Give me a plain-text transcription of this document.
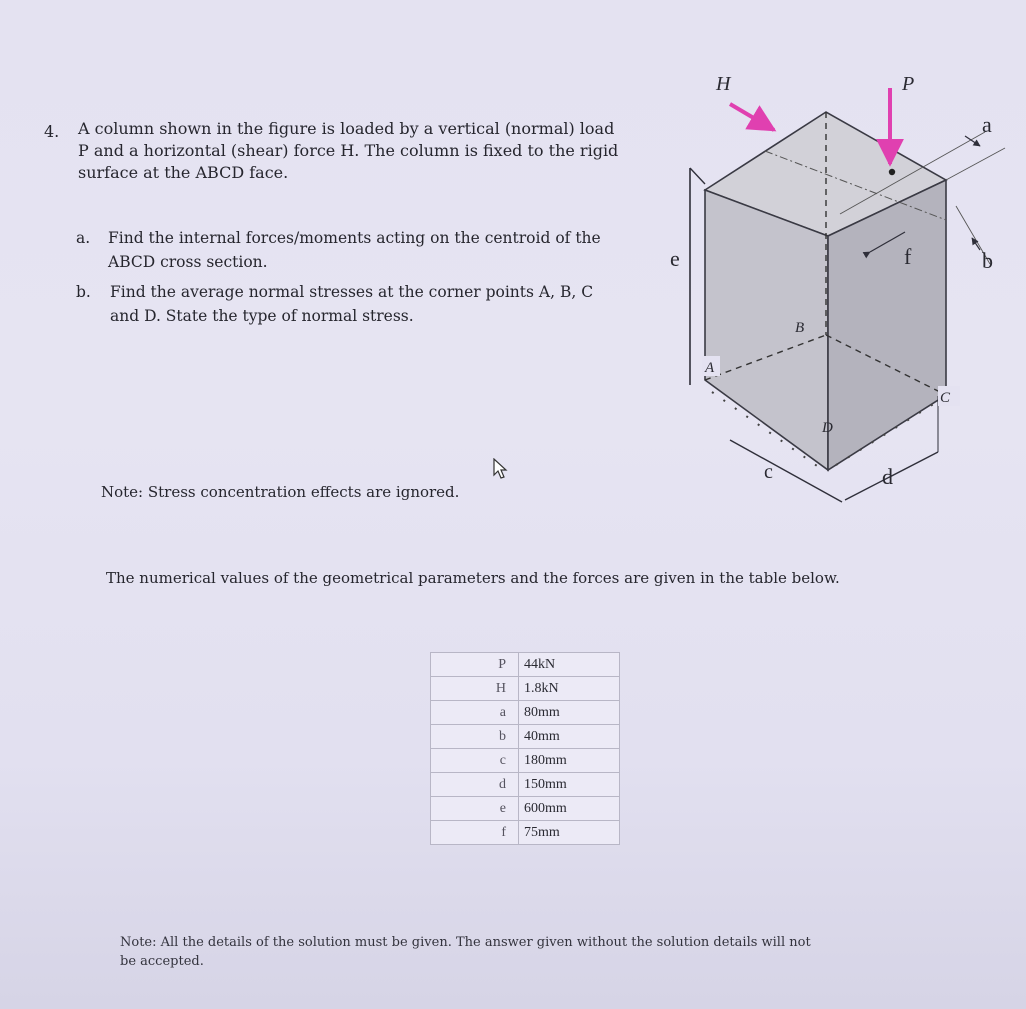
4. A column shown in the figure is loaded by a vertical (normal) load
P and a horizontal (shear) force H. The column is fixed to the rigid
surface at the ABCD face.
a. Find the internal forces/moments acting on the centroid of the
ABCD cross section.
b. Find the average normal stresses at the corner points A, B, C
and D. State the type of normal stress.
Note: Stress concentration effects are ignored.
The numerical values of the geometrical parameters and the forces are given in the table below.
P	44kN
H	1.8kN
a	80mm
b	40mm
c	180mm
d	150mm
e	600mm
f	75mm
Note: All the details of the solution must be given. The answer given without the solution details will not
be accepted.
e
a
b
f
c	d
A
B
C
D
H	P
